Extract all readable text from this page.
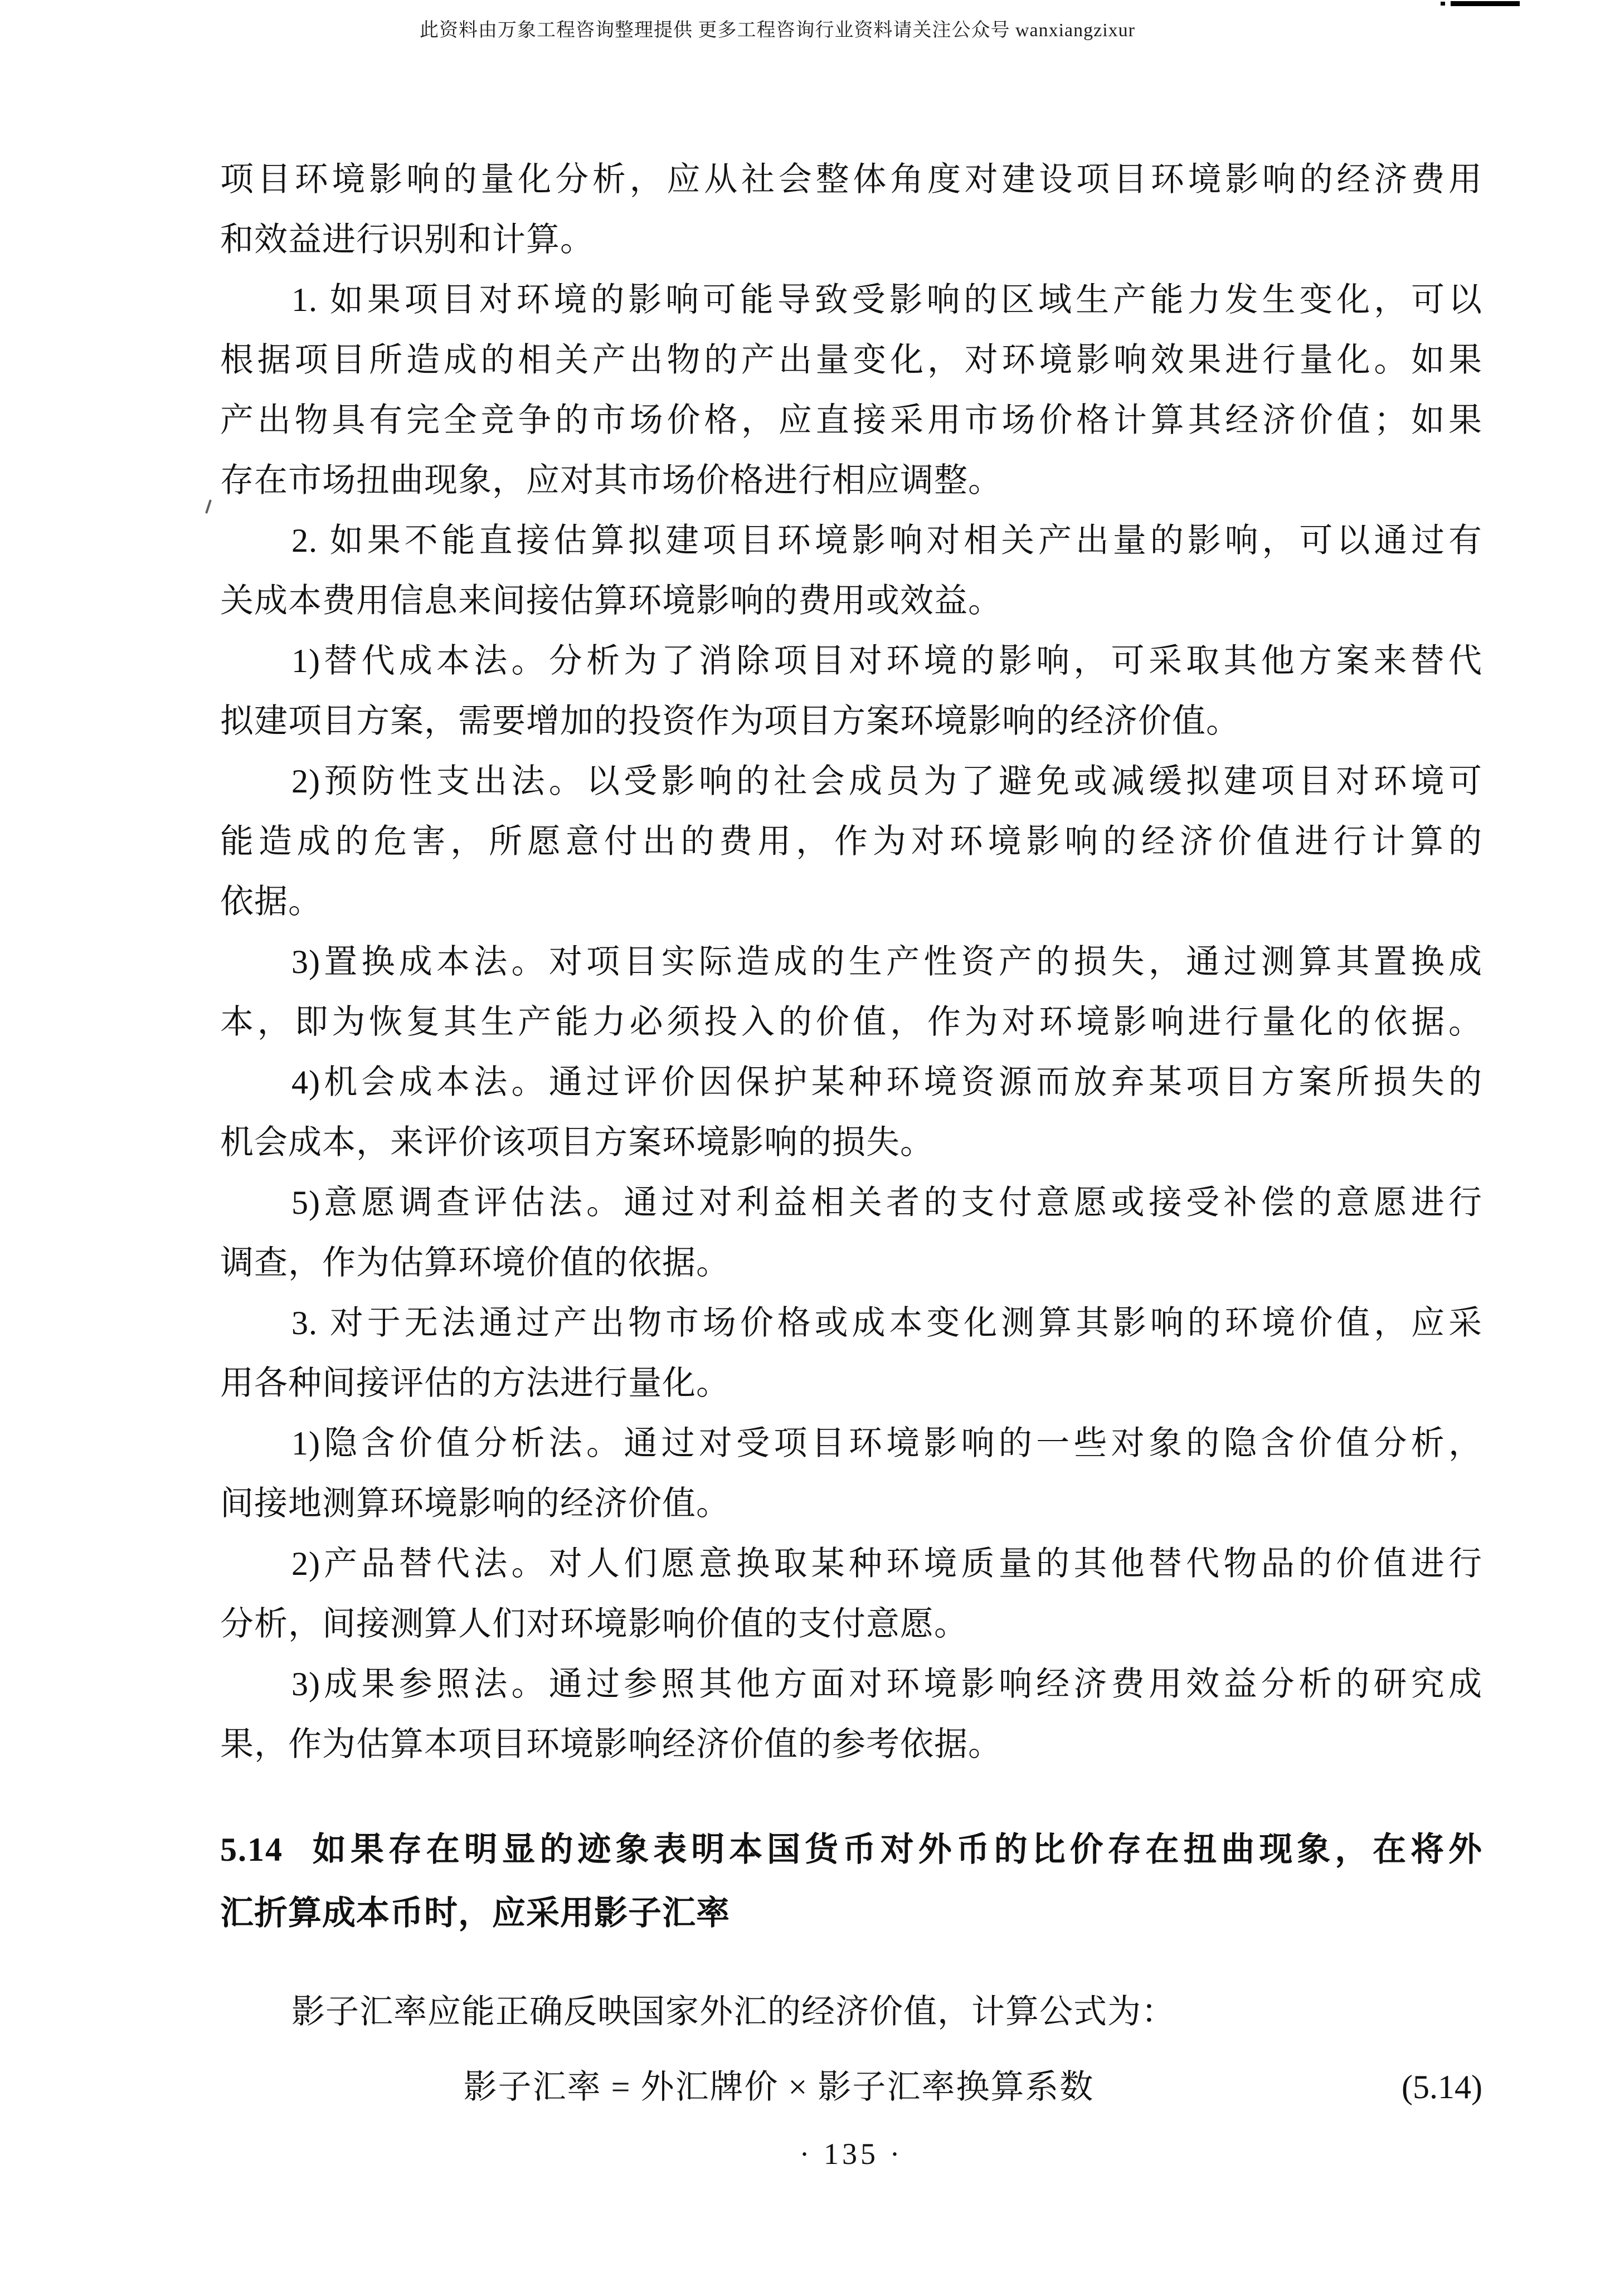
此资料由万象工程咨询整理提供 更多工程咨询行业资料请关注公众号 wanxiangzixur
项目环境影响的量化分析，应从社会整体角度对建设项目环境影响的经济费用
和效益进行识别和计算。
1. 如果项目对环境的影响可能导致受影响的区域生产能力发生变化，可以
根据项目所造成的相关产出物的产出量变化，对环境影响效果进行量化。如果
产出物具有完全竞争的市场价格，应直接采用市场价格计算其经济价值；如果
存在市场扭曲现象，应对其市场价格进行相应调整。
2. 如果不能直接估算拟建项目环境影响对相关产出量的影响，可以通过有
关成本费用信息来间接估算环境影响的费用或效益。
1)替代成本法。分析为了消除项目对环境的影响，可采取其他方案来替代
拟建项目方案，需要增加的投资作为项目方案环境影响的经济价值。
2)预防性支出法。以受影响的社会成员为了避免或减缓拟建项目对环境可
能造成的危害，所愿意付出的费用，作为对环境影响的经济价值进行计算的
依据。
3)置换成本法。对项目实际造成的生产性资产的损失，通过测算其置换成
本，即为恢复其生产能力必须投入的价值，作为对环境影响进行量化的依据。
4)机会成本法。通过评价因保护某种环境资源而放弃某项目方案所损失的
机会成本，来评价该项目方案环境影响的损失。
5)意愿调查评估法。通过对利益相关者的支付意愿或接受补偿的意愿进行
调查，作为估算环境价值的依据。
3. 对于无法通过产出物市场价格或成本变化测算其影响的环境价值，应采
用各种间接评估的方法进行量化。
1)隐含价值分析法。通过对受项目环境影响的一些对象的隐含价值分析，
间接地测算环境影响的经济价值。
2)产品替代法。对人们愿意换取某种环境质量的其他替代物品的价值进行
分析，间接测算人们对环境影响价值的支付意愿。
3)成果参照法。通过参照其他方面对环境影响经济费用效益分析的研究成
果，作为估算本项目环境影响经济价值的参考依据。
5.14 如果存在明显的迹象表明本国货币对外币的比价存在扭曲现象，在将外
汇折算成本币时，应采用影子汇率
影子汇率应能正确反映国家外汇的经济价值，计算公式为：
影子汇率 = 外汇牌价 × 影子汇率换算系数	(5.14)
· 135 ·
